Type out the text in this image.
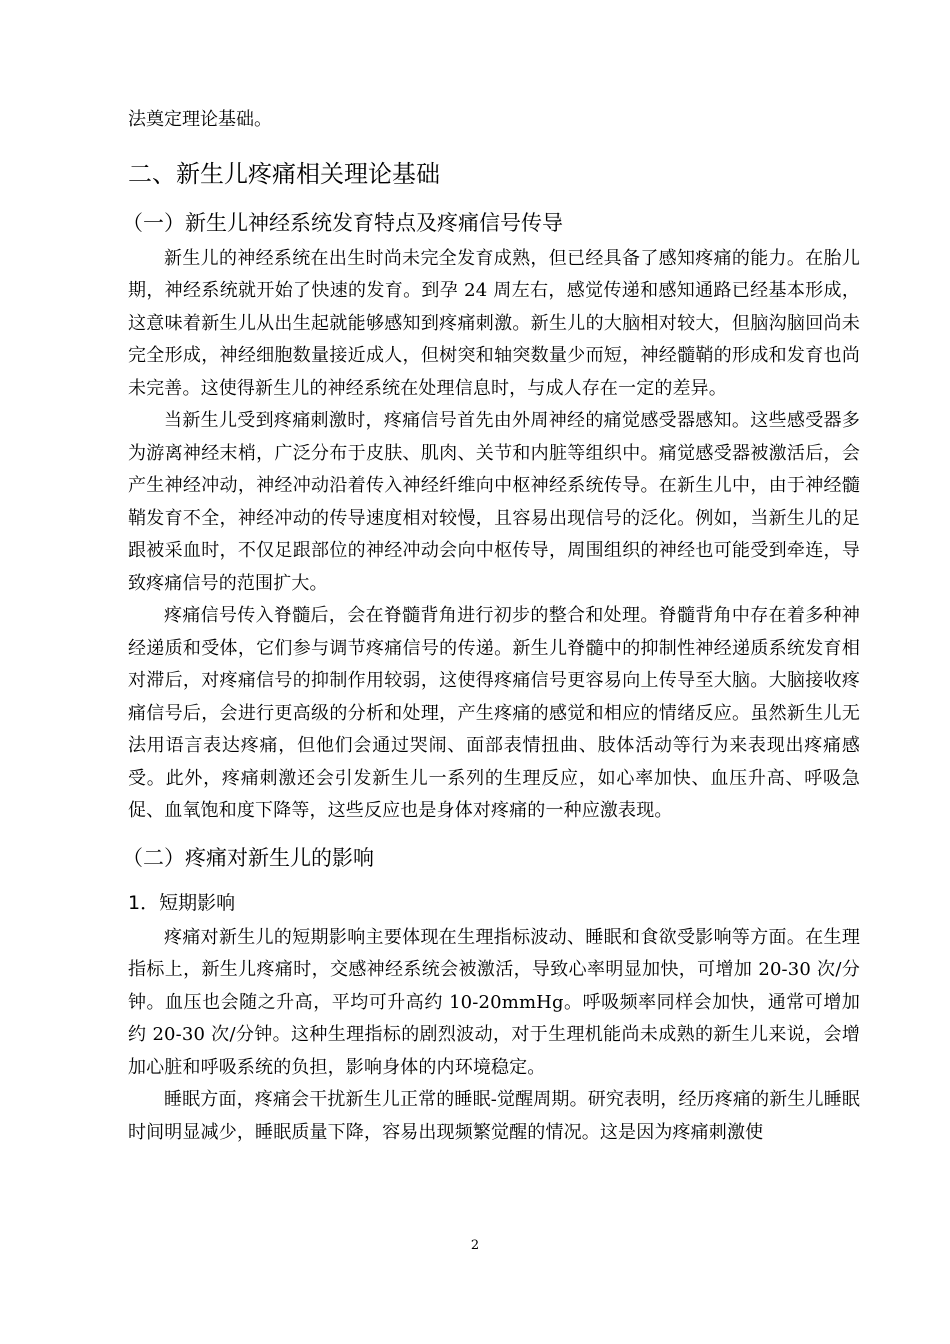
法奠定理论基础。

二、新生儿疼痛相关理论基础
（一）新生儿神经系统发育特点及疼痛信号传导

新生儿的神经系统在出生时尚未完全发育成熟，但已经具备了感知疼痛的能力。在胎儿期，神经系统就开始了快速的发育。到孕 24 周左右，感觉传递和感知通路已经基本形成，这意味着新生儿从出生起就能够感知到疼痛刺激。新生儿的大脑相对较大，但脑沟脑回尚未完全形成，神经细胞数量接近成人，但树突和轴突数量少而短，神经髓鞘的形成和发育也尚未完善。这使得新生儿的神经系统在处理信息时，与成人存在一定的差异。

当新生儿受到疼痛刺激时，疼痛信号首先由外周神经的痛觉感受器感知。这些感受器多为游离神经末梢，广泛分布于皮肤、肌肉、关节和内脏等组织中。痛觉感受器被激活后，会产生神经冲动，神经冲动沿着传入神经纤维向中枢神经系统传导。在新生儿中，由于神经髓鞘发育不全，神经冲动的传导速度相对较慢，且容易出现信号的泛化。例如，当新生儿的足跟被采血时，不仅足跟部位的神经冲动会向中枢传导，周围组织的神经也可能受到牵连，导致疼痛信号的范围扩大。

疼痛信号传入脊髓后，会在脊髓背角进行初步的整合和处理。脊髓背角中存在着多种神经递质和受体，它们参与调节疼痛信号的传递。新生儿脊髓中的抑制性神经递质系统发育相对滞后，对疼痛信号的抑制作用较弱，这使得疼痛信号更容易向上传导至大脑。大脑接收疼痛信号后，会进行更高级的分析和处理，产生疼痛的感觉和相应的情绪反应。虽然新生儿无法用语言表达疼痛，但他们会通过哭闹、面部表情扭曲、肢体活动等行为来表现出疼痛感受。此外，疼痛刺激还会引发新生儿一系列的生理反应，如心率加快、血压升高、呼吸急促、血氧饱和度下降等，这些反应也是身体对疼痛的一种应激表现。

（二）疼痛对新生儿的影响
1．短期影响

疼痛对新生儿的短期影响主要体现在生理指标波动、睡眠和食欲受影响等方面。在生理指标上，新生儿疼痛时，交感神经系统会被激活，导致心率明显加快，可增加 20-30 次/分钟。血压也会随之升高，平均可升高约 10-20mmHg。呼吸频率同样会加快，通常可增加约 20-30 次/分钟。这种生理指标的剧烈波动，对于生理机能尚未成熟的新生儿来说，会增加心脏和呼吸系统的负担，影响身体的内环境稳定。

睡眠方面，疼痛会干扰新生儿正常的睡眠-觉醒周期。研究表明，经历疼痛的新生儿睡眠时间明显减少，睡眠质量下降，容易出现频繁觉醒的情况。这是因为疼痛刺激使

2
